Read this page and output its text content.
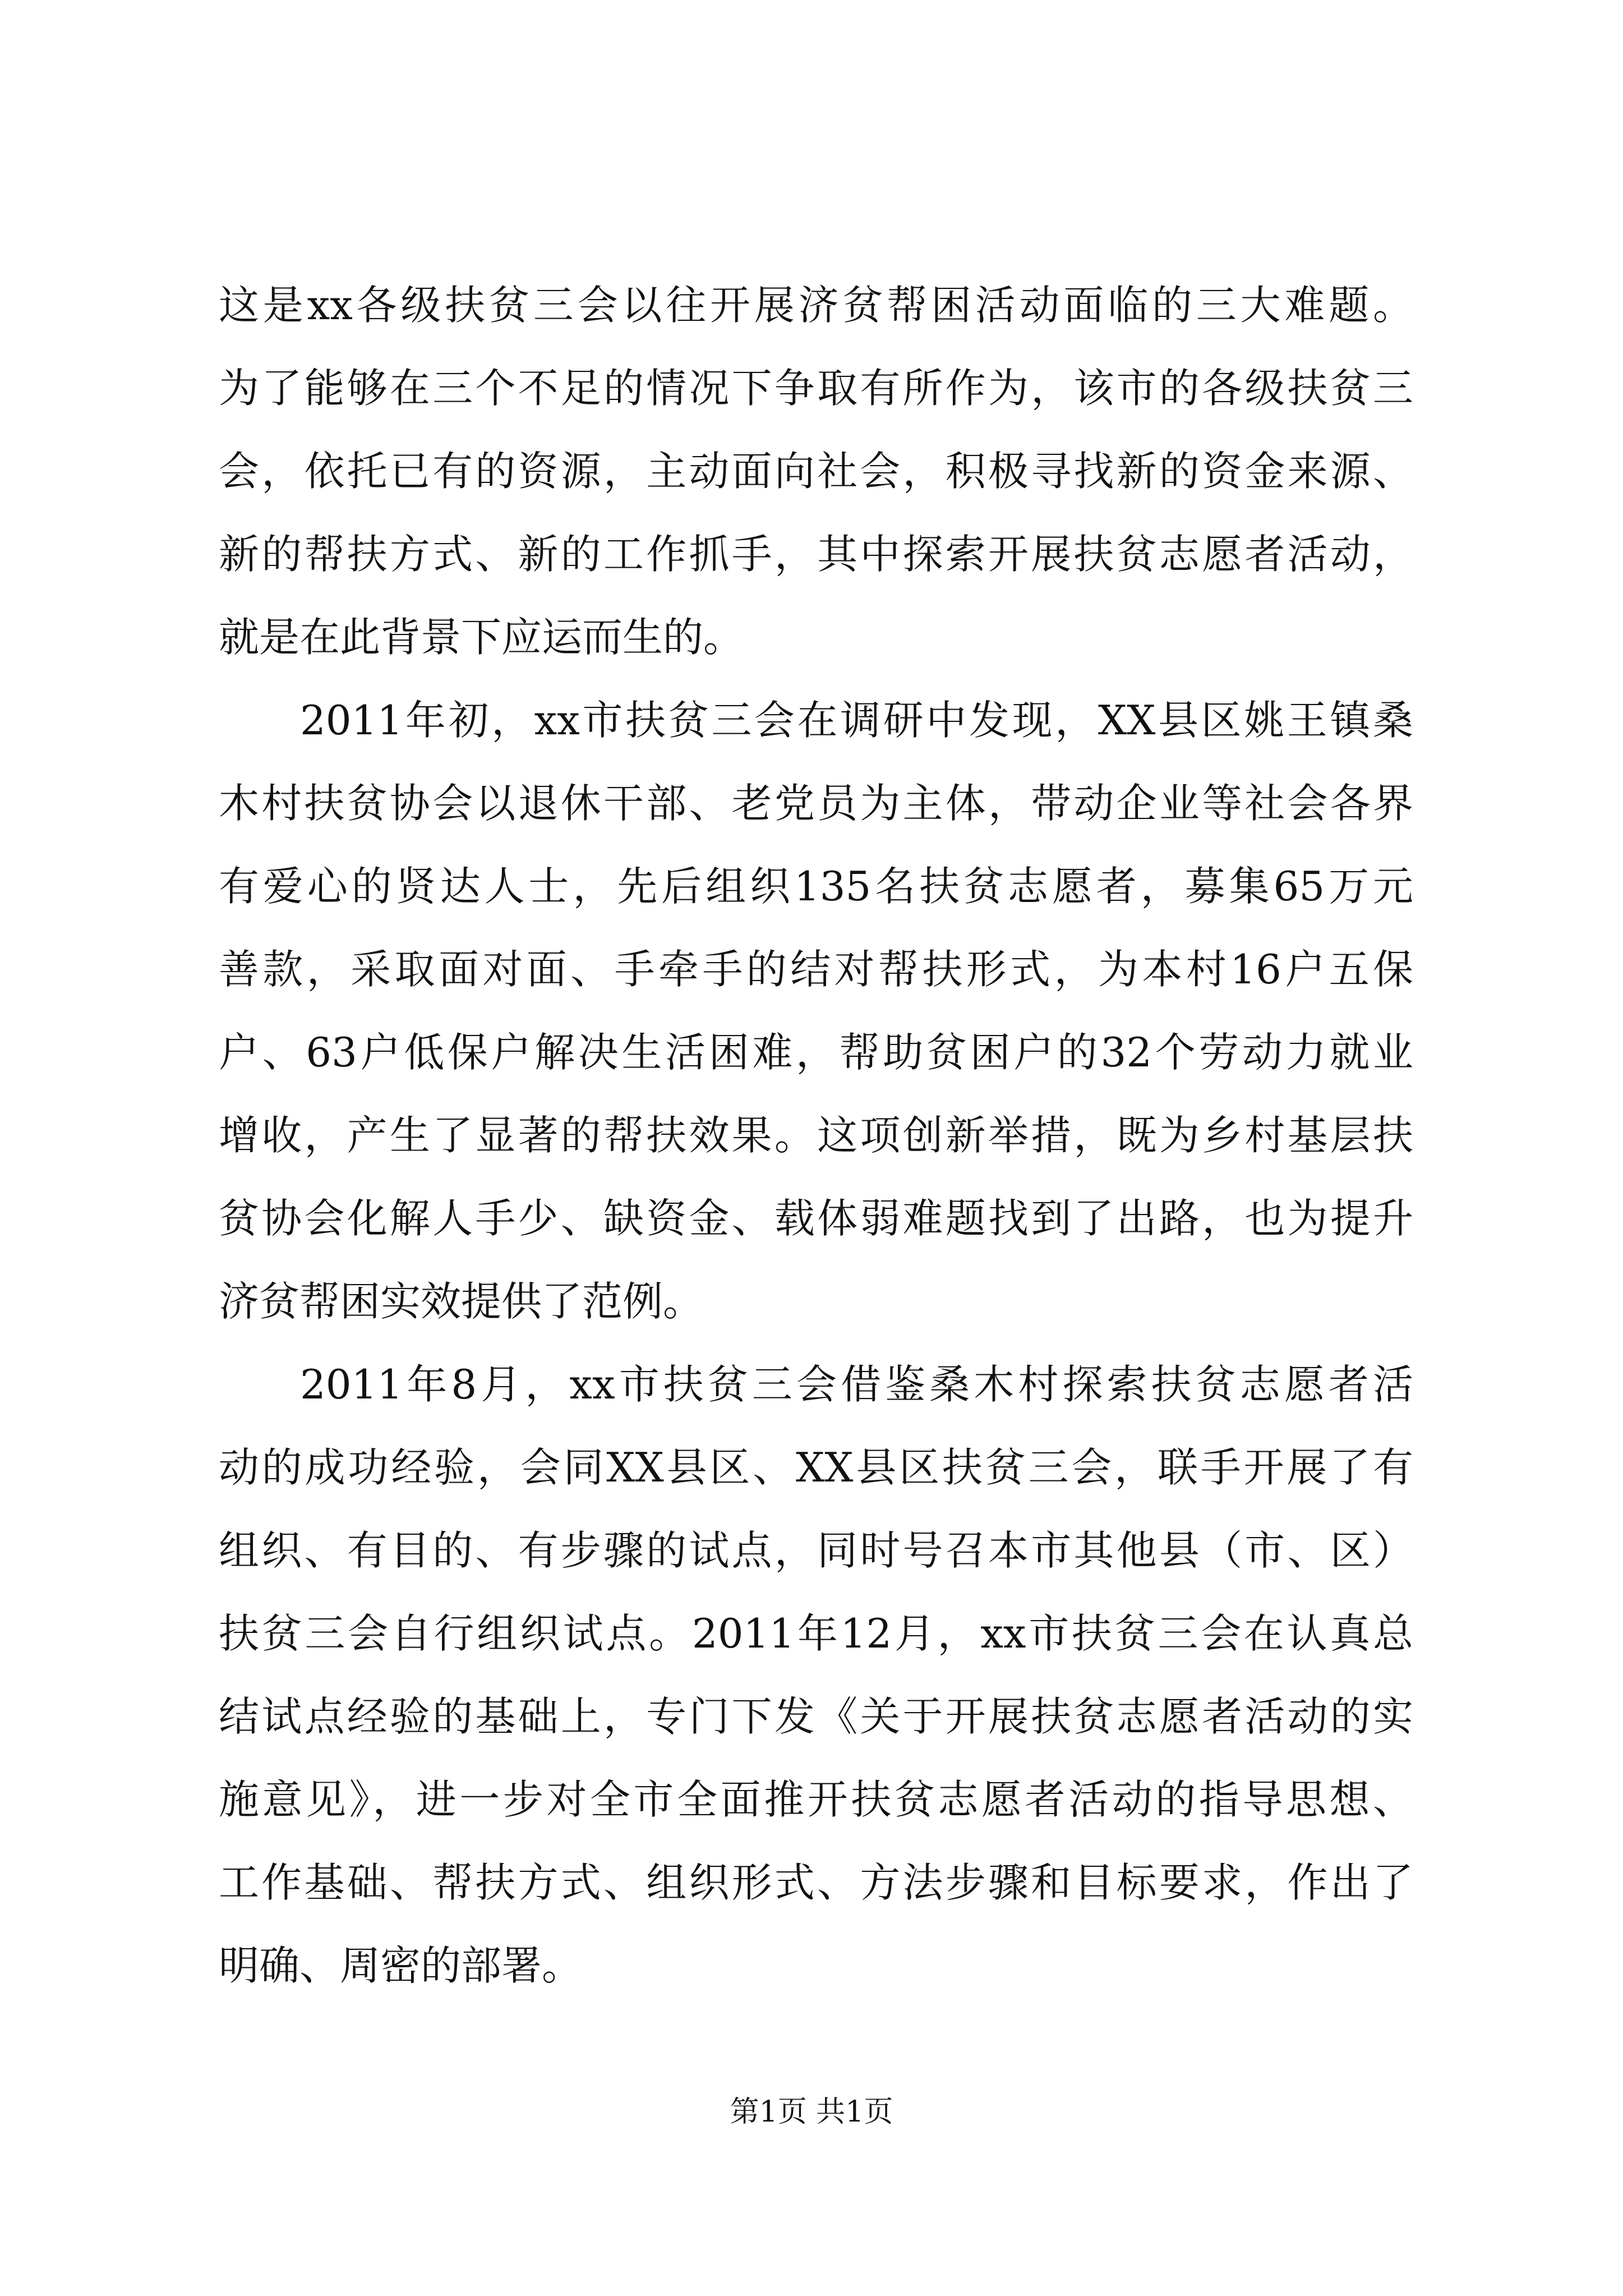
这是xx各级扶贫三会以往开展济贫帮困活动面临的三大难题。
为了能够在三个不足的情况下争取有所作为，该市的各级扶贫三
会，依托已有的资源，主动面向社会，积极寻找新的资金来源、
新的帮扶方式、新的工作抓手，其中探索开展扶贫志愿者活动，
就是在此背景下应运而生的。
2011年初，xx市扶贫三会在调研中发现，XX县区姚王镇桑
木村扶贫协会以退休干部、老党员为主体，带动企业等社会各界
有爱心的贤达人士，先后组织135名扶贫志愿者，募集65万元
善款，采取面对面、手牵手的结对帮扶形式，为本村16户五保
户、63户低保户解决生活困难，帮助贫困户的32个劳动力就业
增收，产生了显著的帮扶效果。这项创新举措，既为乡村基层扶
贫协会化解人手少、缺资金、载体弱难题找到了出路，也为提升
济贫帮困实效提供了范例。
2011年8月，xx市扶贫三会借鉴桑木村探索扶贫志愿者活
动的成功经验，会同XX县区、XX县区扶贫三会，联手开展了有
组织、有目的、有步骤的试点，同时号召本市其他县（市、区）
扶贫三会自行组织试点。2011年12月，xx市扶贫三会在认真总
结试点经验的基础上，专门下发《关于开展扶贫志愿者活动的实
施意见》，进一步对全市全面推开扶贫志愿者活动的指导思想、
工作基础、帮扶方式、组织形式、方法步骤和目标要求，作出了
明确、周密的部署。
第1页 共1页
